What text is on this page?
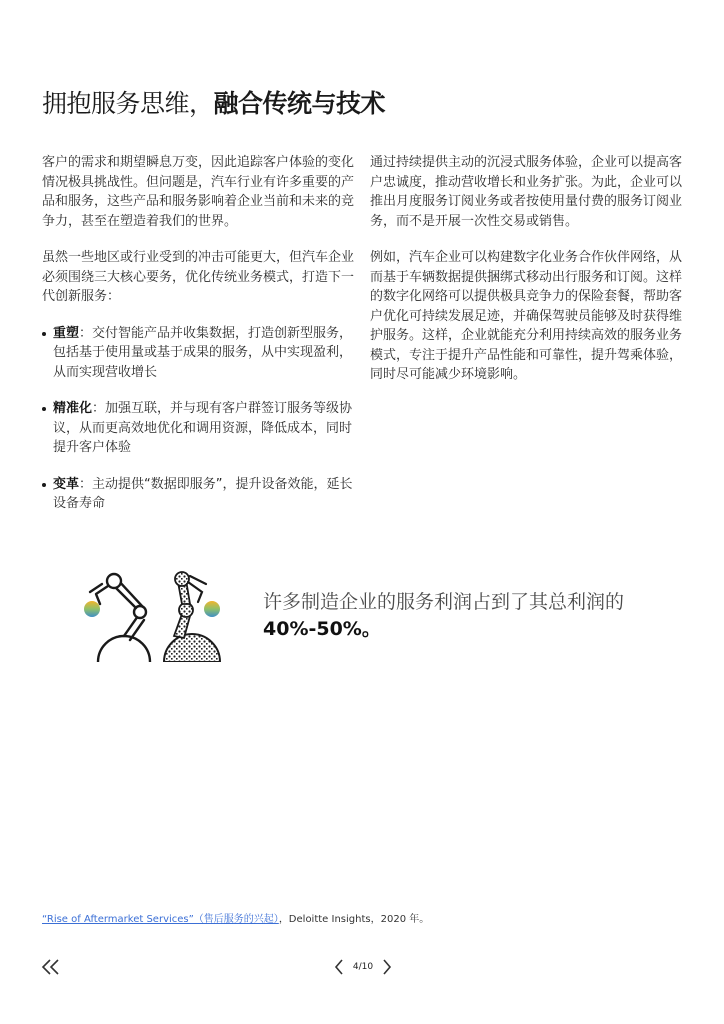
拥抱服务思维，融合传统与技术

客户的需求和期望瞬息万变，因此追踪客户体验的变化情况极具挑战性。但问题是，汽车行业有许多重要的产品和服务，这些产品和服务影响着企业当前和未来的竞争力，甚至在塑造着我们的世界。

虽然一些地区或行业受到的冲击可能更大，但汽车企业必须围绕三大核心要务，优化传统业务模式，打造下一代创新服务：

重塑：交付智能产品并收集数据，打造创新型服务，包括基于使用量或基于成果的服务，从中实现盈利，从而实现营收增长
精准化：加强互联，并与现有客户群签订服务等级协议，从而更高效地优化和调用资源，降低成本，同时提升客户体验
变革：主动提供“数据即服务”，提升设备效能，延长设备寿命

通过持续提供主动的沉浸式服务体验，企业可以提高客户忠诚度，推动营收增长和业务扩张。为此，企业可以推出月度服务订阅业务或者按使用量付费的服务订阅业务，而不是开展一次性交易或销售。

例如，汽车企业可以构建数字化业务合作伙伴网络，从而基于车辆数据提供捆绑式移动出行服务和订阅。这样的数字化网络可以提供极具竞争力的保险套餐，帮助客户优化可持续发展足迹，并确保驾驶员能够及时获得维护服务。这样，企业就能充分利用持续高效的服务业务模式，专注于提升产品性能和可靠性，提升驾乘体验，同时尽可能减少环境影响。

许多制造企业的服务利润占到了其总利润的
40%-50%。
“Rise of Aftermarket Services”（售后服务的兴起），Deloitte Insights，2020 年。
4/10
